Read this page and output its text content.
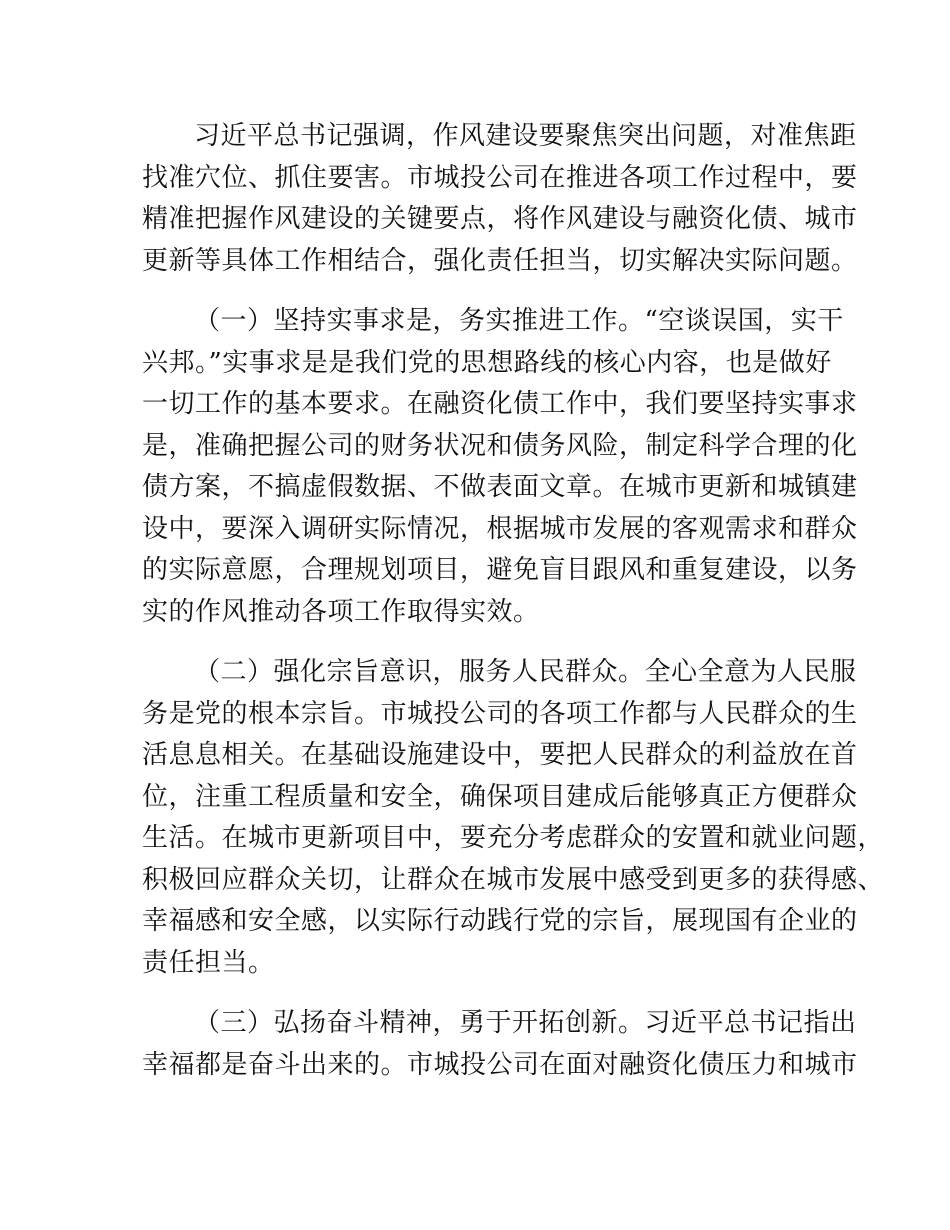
习近平总书记强调，作风建设要聚焦突出问题，对准焦距
找准穴位、抓住要害。市城投公司在推进各项工作过程中，要
精准把握作风建设的关键要点，将作风建设与融资化债、城市
更新等具体工作相结合，强化责任担当，切实解决实际问题。
（一）坚持实事求是，务实推进工作。“空谈误国，实干
兴邦。”实事求是是我们党的思想路线的核心内容，也是做好
一切工作的基本要求。在融资化债工作中，我们要坚持实事求
是，准确把握公司的财务状况和债务风险，制定科学合理的化
债方案，不搞虚假数据、不做表面文章。在城市更新和城镇建
设中，要深入调研实际情况，根据城市发展的客观需求和群众
的实际意愿，合理规划项目，避免盲目跟风和重复建设，以务
实的作风推动各项工作取得实效。
（二）强化宗旨意识，服务人民群众。全心全意为人民服
务是党的根本宗旨。市城投公司的各项工作都与人民群众的生
活息息相关。在基础设施建设中，要把人民群众的利益放在首
位，注重工程质量和安全，确保项目建成后能够真正方便群众
生活。在城市更新项目中，要充分考虑群众的安置和就业问题，
积极回应群众关切，让群众在城市发展中感受到更多的获得感、
幸福感和安全感，以实际行动践行党的宗旨，展现国有企业的
责任担当。
（三）弘扬奋斗精神，勇于开拓创新。习近平总书记指出
幸福都是奋斗出来的。市城投公司在面对融资化债压力和城市
